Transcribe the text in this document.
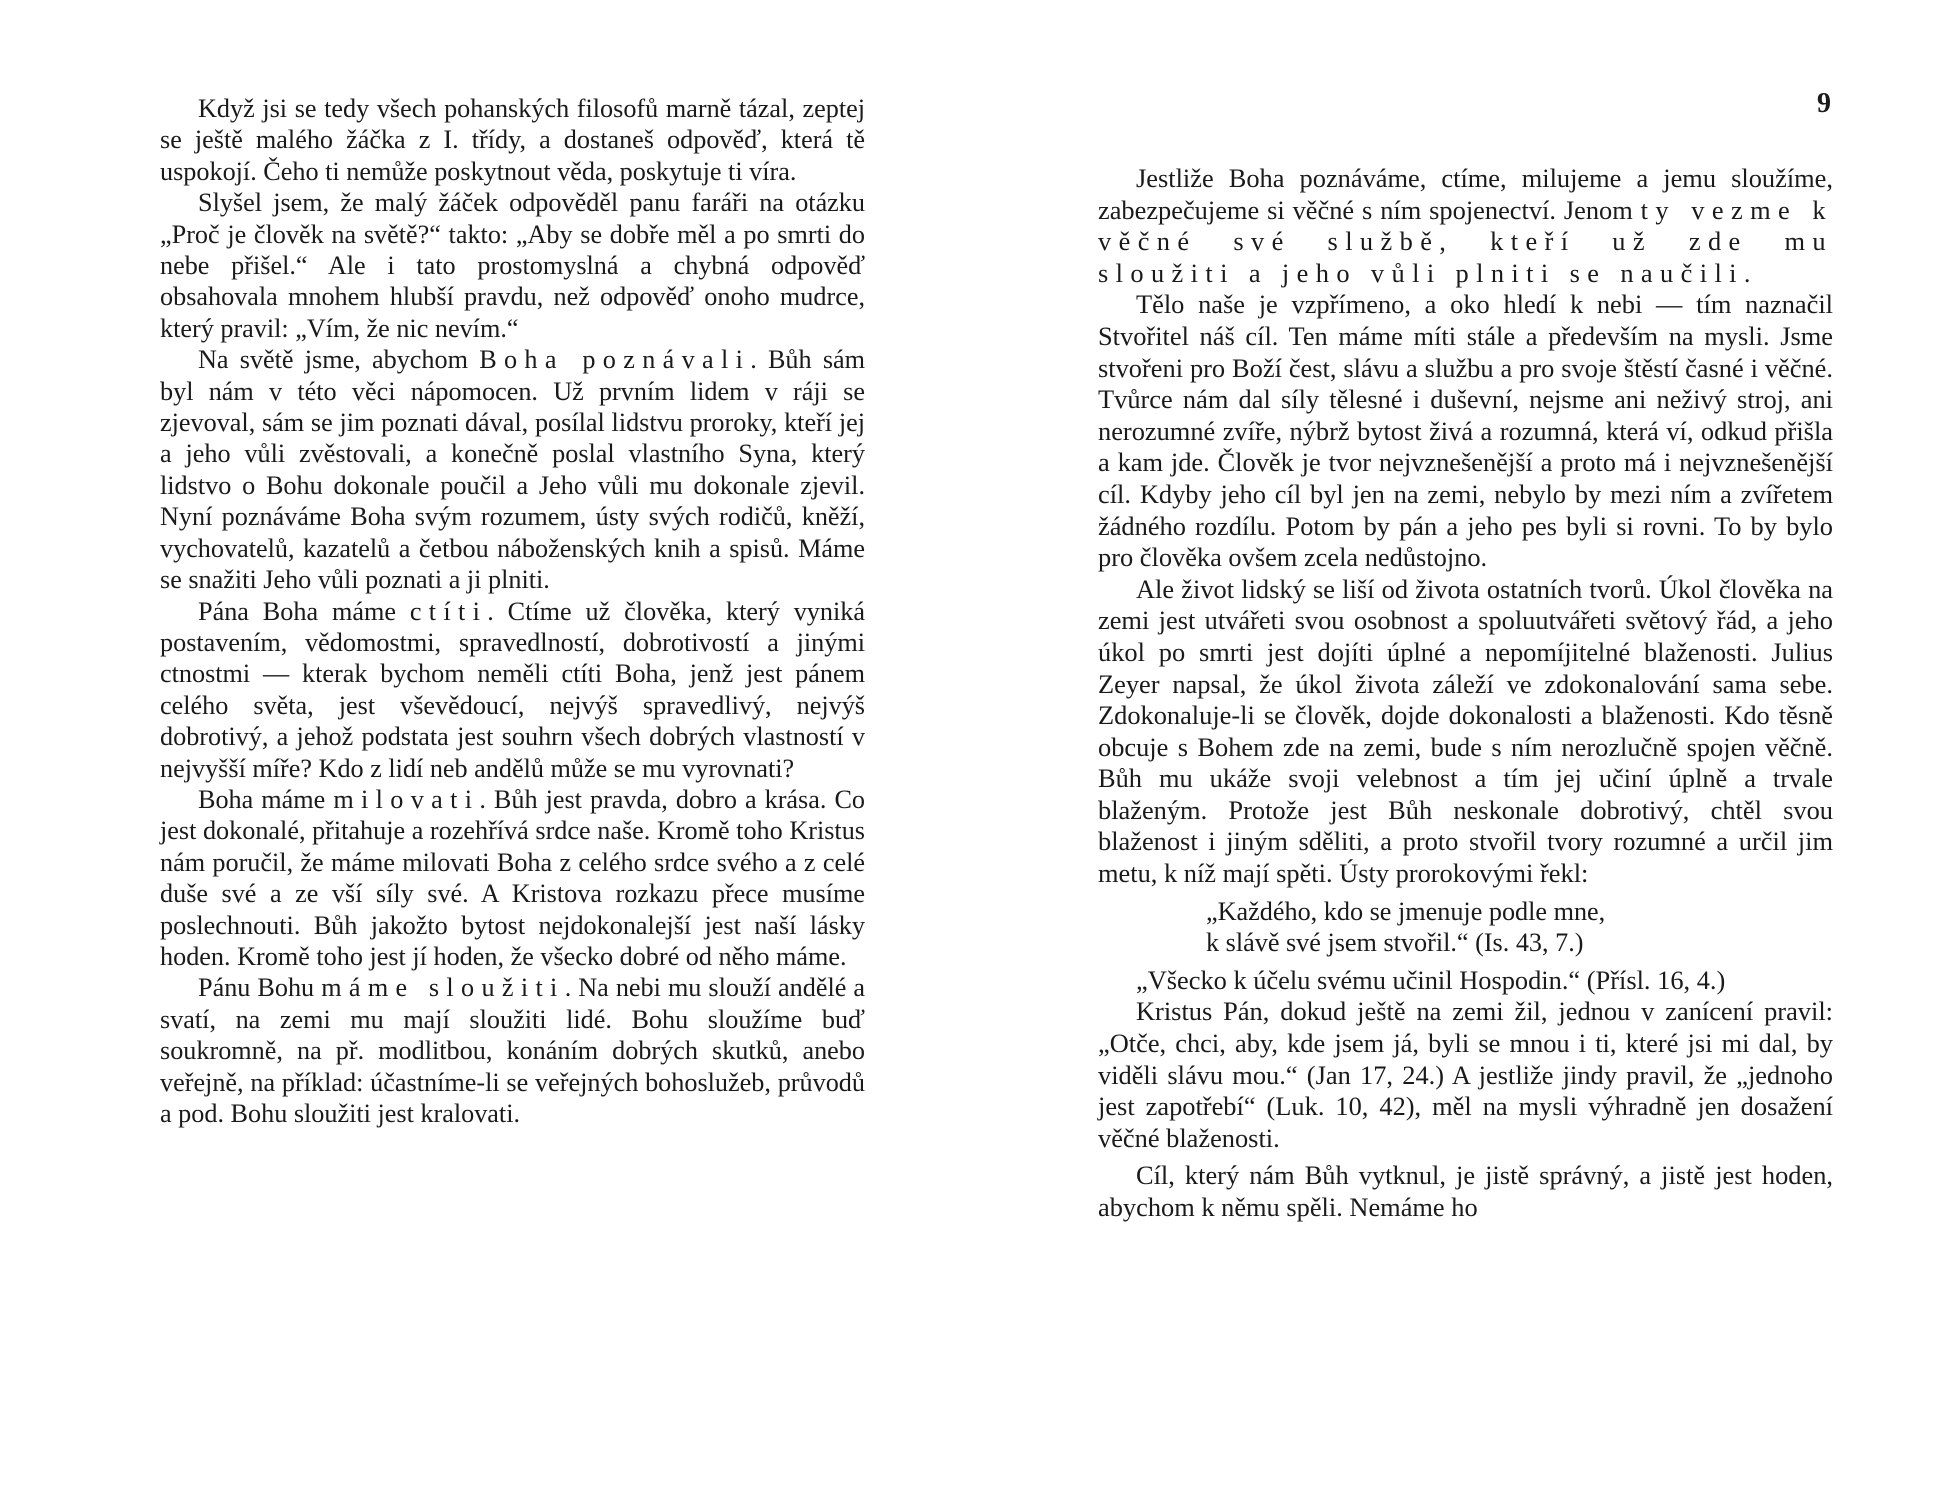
Když jsi se tedy všech pohanských filosofů marně tázal, zeptej se ještě malého žáčka z I. třídy, a dostaneš odpověď, která tě uspokojí. Čeho ti nemůže poskytnout věda, poskytuje ti víra.

Slyšel jsem, že malý žáček odpověděl panu faráři na otázku „Proč je člověk na světě?“ takto: „Aby se dobře měl a po smrti do nebe přišel.“ Ale i tato prostomyslná a chybná odpověď obsahovala mnohem hlubší pravdu, než odpověď onoho mudrce, který pravil: „Vím, že nic nevím.“

Na světě jsme, abychom Boha poznávali. Bůh sám byl nám v této věci nápomocen. Už prvním lidem v ráji se zjevoval, sám se jim poznati dával, posílal lidstvu proroky, kteří jej a jeho vůli zvěstovali, a konečně poslal vlastního Syna, který lidstvo o Bohu dokonale poučil a Jeho vůli mu dokonale zjevil. Nyní poznáváme Boha svým rozumem, ústy svých rodičů, kněží, vychovatelů, kazatelů a četbou náboženských knih a spisů. Máme se snažiti Jeho vůli poznati a ji plniti.

Pána Boha máme ctíti. Ctíme už člověka, který vyniká postavením, vědomostmi, spravedlností, dobrotivostí a jinými ctnostmi — kterak bychom neměli ctíti Boha, jenž jest pánem celého světa, jest vševědoucí, nejvýš spravedlivý, nejvýš dobrotivý, a jehož podstata jest souhrn všech dobrých vlastností v nejvyšší míře? Kdo z lidí neb andělů může se mu vyrovnati?

Boha máme milovati. Bůh jest pravda, dobro a krása. Co jest dokonalé, přitahuje a rozehřívá srdce naše. Kromě toho Kristus nám poručil, že máme milovati Boha z celého srdce svého a z celé duše své a ze vší síly své. A Kristova rozkazu přece musíme poslechnouti. Bůh jakožto bytost nejdokonalejší jest naší lásky hoden. Kromě toho jest jí hoden, že všecko dobré od něho máme.

Pánu Bohu máme sloužiti. Na nebi mu slouží andělé a svatí, na zemi mu mají sloužiti lidé. Bohu sloužíme buď soukromně, na př. modlitbou, konáním dobrých skutků, anebo veřejně, na příklad: účastníme-li se veřejných bohoslužeb, průvodů a pod. Bohu sloužiti jest kralovati.

9

Jestliže Boha poznáváme, ctíme, milujeme a jemu sloužíme, zabezpečujeme si věčné s ním spojenectví. Jenom ty vezme k věčné své službě, kteří už zde mu sloužiti a jeho vůli plniti se naučili.

Tělo naše je vzpřímeno, a oko hledí k nebi — tím naznačil Stvořitel náš cíl. Ten máme míti stále a především na mysli. Jsme stvořeni pro Boží čest, slávu a službu a pro svoje štěstí časné i věčné. Tvůrce nám dal síly tělesné i duševní, nejsme ani neživý stroj, ani nerozumné zvíře, nýbrž bytost živá a rozumná, která ví, odkud přišla a kam jde. Člověk je tvor nejvznešenější a proto má i nejvznešenější cíl. Kdyby jeho cíl byl jen na zemi, nebylo by mezi ním a zvířetem žádného rozdílu. Potom by pán a jeho pes byli si rovni. To by bylo pro člověka ovšem zcela nedůstojno.

Ale život lidský se liší od života ostatních tvorů. Úkol člověka na zemi jest utvářeti svou osobnost a spoluutvářeti světový řád, a jeho úkol po smrti jest dojíti úplné a nepomíjitelné blaženosti. Julius Zeyer napsal, že úkol života záleží ve zdokonalování sama sebe. Zdokonaluje-li se člověk, dojde dokonalosti a blaženosti. Kdo těsně obcuje s Bohem zde na zemi, bude s ním nerozlučně spojen věčně. Bůh mu ukáže svoji velebnost a tím jej učiní úplně a trvale blaženým. Protože jest Bůh neskonale dobrotivý, chtěl svou blaženost i jiným sděliti, a proto stvořil tvory rozumné a určil jim metu, k níž mají spěti. Ústy prorokovými řekl:

„Každého, kdo se jmenuje podle mne,
k slávě své jsem stvořil.“ (Is. 43, 7.)

„Všecko k účelu svému učinil Hospodin.“ (Přísl. 16, 4.)

Kristus Pán, dokud ještě na zemi žil, jednou v zanícení pravil: „Otče, chci, aby, kde jsem já, byli se mnou i ti, které jsi mi dal, by viděli slávu mou.“ (Jan 17, 24.) A jestliže jindy pravil, že „jednoho jest zapotřebí“ (Luk. 10, 42), měl na mysli výhradně jen dosažení věčné blaženosti.

Cíl, který nám Bůh vytknul, je jistě správný, a jistě jest hoden, abychom k němu spěli. Nemáme ho
